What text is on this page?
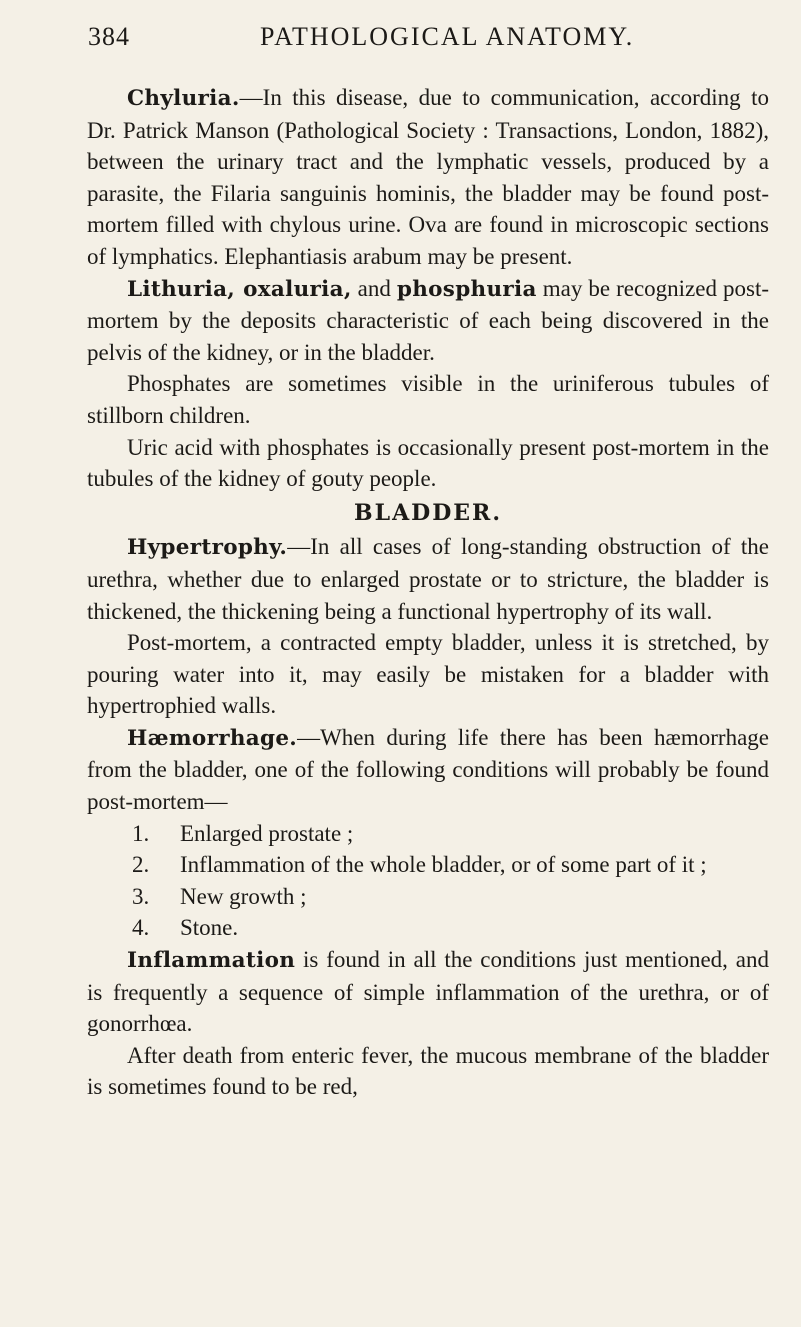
384	PATHOLOGICAL ANATOMY.

Chyluria.—In this disease, due to communication, according to Dr. Patrick Manson (Pathological Society : Transactions, London, 1882), between the urinary tract and the lymphatic vessels, produced by a parasite, the Filaria sanguinis hominis, the bladder may be found post-mortem filled with chylous urine. Ova are found in microscopic sections of lymphatics. Elephantiasis arabum may be present.

Lithuria, oxaluria, and phosphuria may be recognized post-mortem by the deposits characteristic of each being discovered in the pelvis of the kidney, or in the bladder.

Phosphates are sometimes visible in the uriniferous tubules of stillborn children.

Uric acid with phosphates is occasionally present post-mortem in the tubules of the kidney of gouty people.

BLADDER.

Hypertrophy.—In all cases of long-standing obstruction of the urethra, whether due to enlarged prostate or to stricture, the bladder is thickened, the thickening being a functional hypertrophy of its wall.

Post-mortem, a contracted empty bladder, unless it is stretched, by pouring water into it, may easily be mistaken for a bladder with hypertrophied walls.

Hæmorrhage.—When during life there has been hæmorrhage from the bladder, one of the following conditions will probably be found post-mortem—

1. Enlarged prostate ;
2. Inflammation of the whole bladder, or of some part of it ;
3. New growth ;
4. Stone.

Inflammation is found in all the conditions just mentioned, and is frequently a sequence of simple inflammation of the urethra, or of gonorrhœa.

After death from enteric fever, the mucous membrane of the bladder is sometimes found to be red,
